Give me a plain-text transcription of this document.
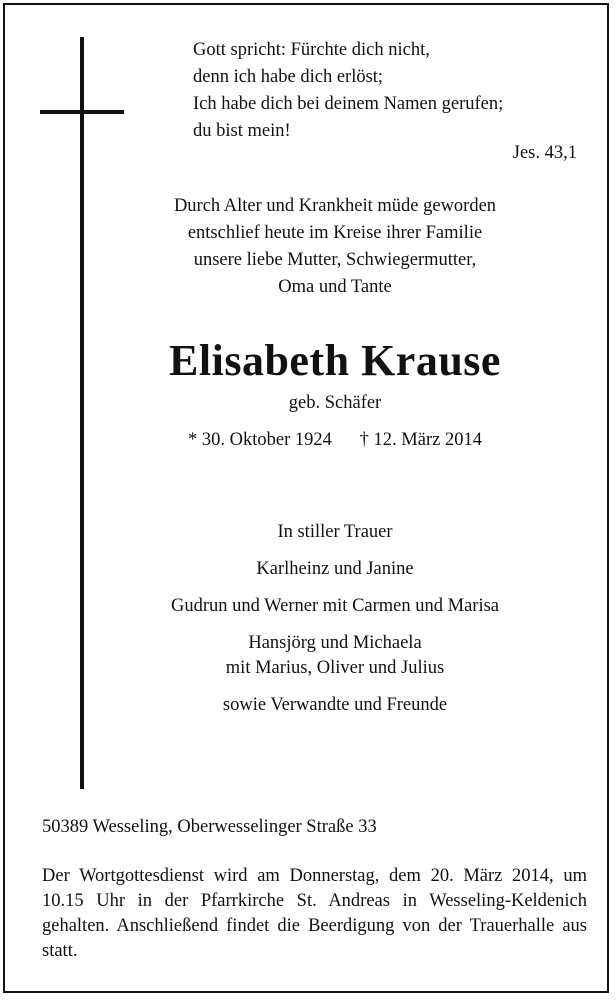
Gott spricht: Fürchte dich nicht,
denn ich habe dich erlöst;
Ich habe dich bei deinem Namen gerufen;
du bist mein!
Jes. 43,1
Durch Alter und Krankheit müde geworden
entschlief heute im Kreise ihrer Familie
unsere liebe Mutter, Schwiegermutter,
Oma und Tante
Elisabeth Krause
geb. Schäfer
* 30. Oktober 1924      † 12. März 2014
In stiller Trauer
Karlheinz und Janine
Gudrun und Werner mit Carmen und Marisa
Hansjörg und Michaela
mit Marius, Oliver und Julius
sowie Verwandte und Freunde
50389 Wesseling, Oberwesselinger Straße 33
Der Wortgottesdienst wird am Donnerstag, dem 20. März 2014, um 10.15 Uhr in der Pfarrkirche St. Andreas in Wesseling-Keldenich gehalten. Anschließend findet die Beerdigung von der Trauerhalle aus statt.
